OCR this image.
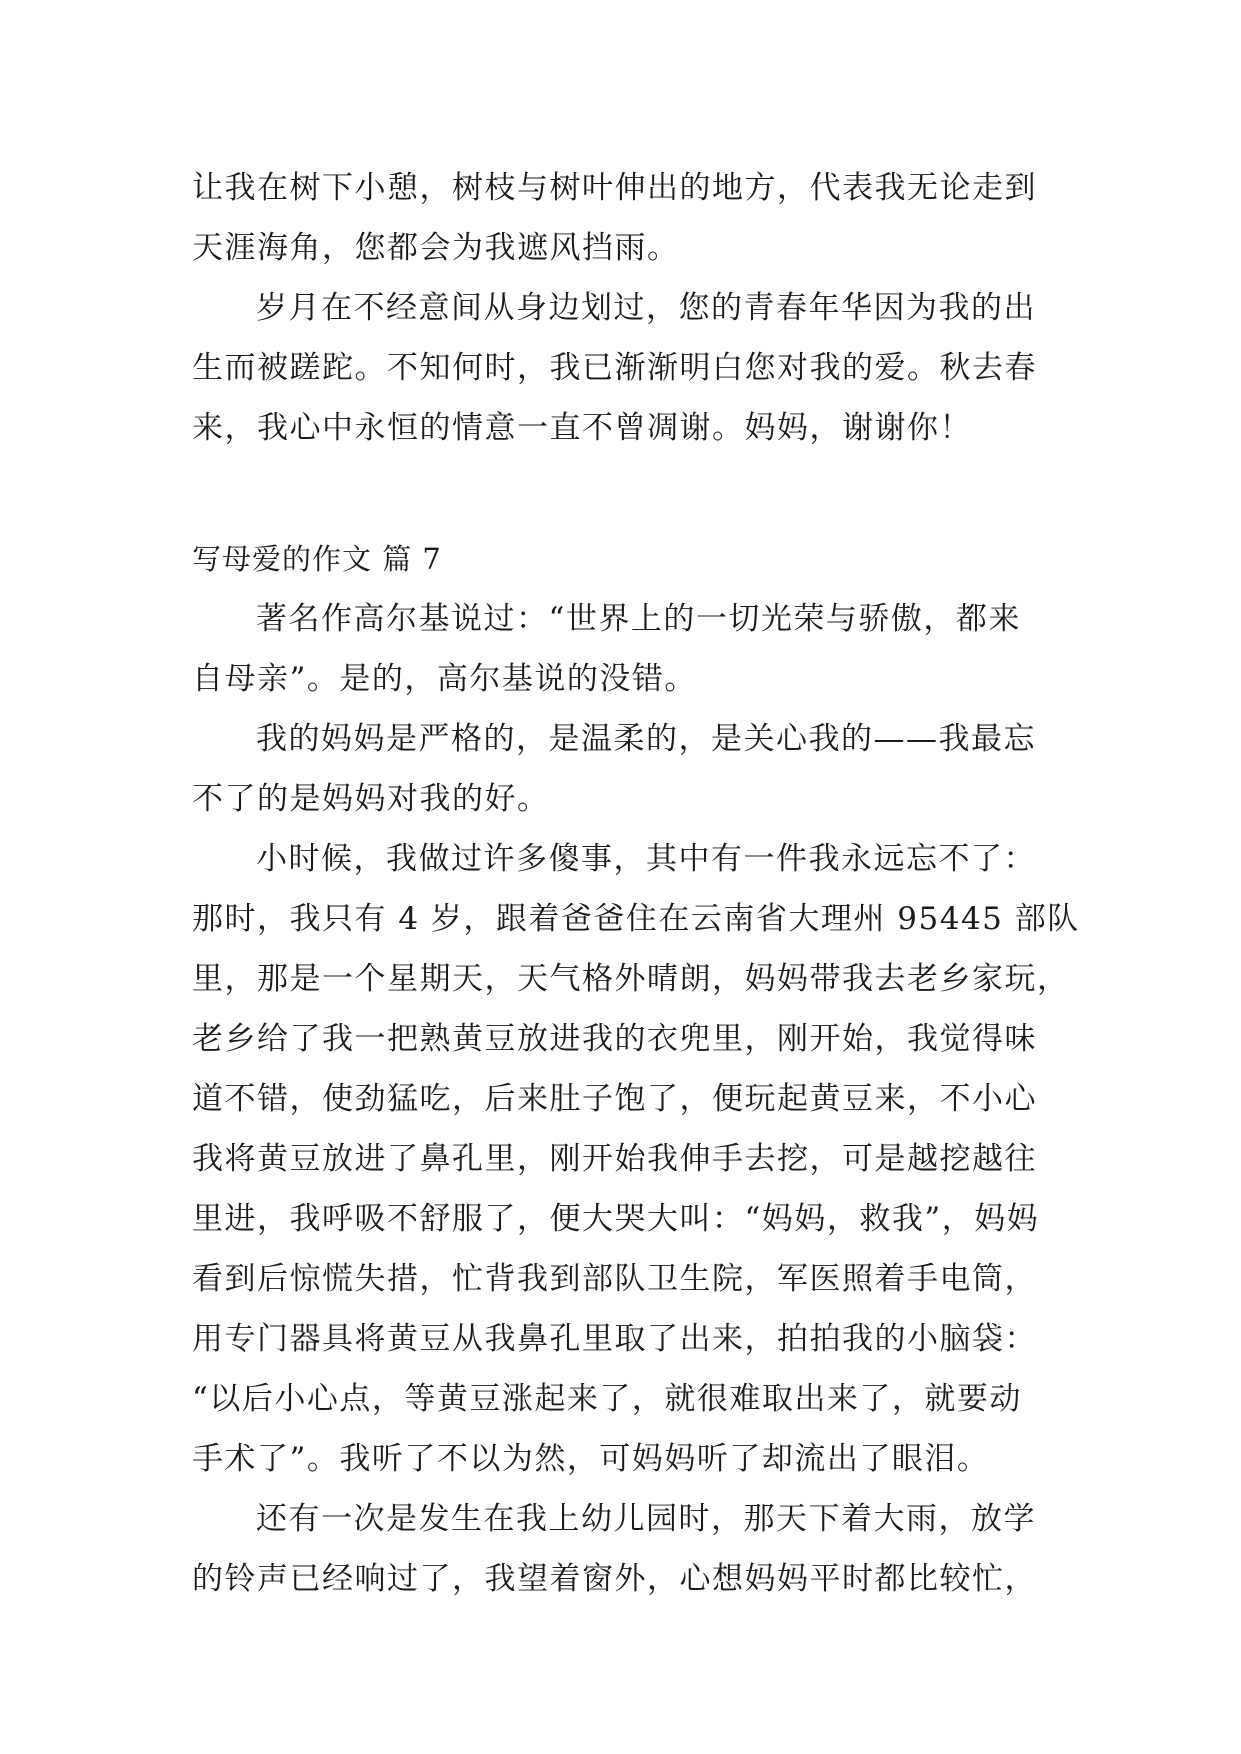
让我在树下小憩，树枝与树叶伸出的地方，代表我无论走到
天涯海角，您都会为我遮风挡雨。
岁月在不经意间从身边划过，您的青春年华因为我的出
生而被蹉跎。不知何时，我已渐渐明白您对我的爱。秋去春
来，我心中永恒的情意一直不曾凋谢。妈妈，谢谢你！
写母爱的作文 篇 7
著名作高尔基说过：“世界上的一切光荣与骄傲，都来
自母亲”。是的，高尔基说的没错。
我的妈妈是严格的，是温柔的，是关心我的——我最忘
不了的是妈妈对我的好。
小时候，我做过许多傻事，其中有一件我永远忘不了：
那时，我只有 4 岁，跟着爸爸住在云南省大理州 95445 部队
里，那是一个星期天，天气格外晴朗，妈妈带我去老乡家玩，
老乡给了我一把熟黄豆放进我的衣兜里，刚开始，我觉得味
道不错，使劲猛吃，后来肚子饱了，便玩起黄豆来，不小心
我将黄豆放进了鼻孔里，刚开始我伸手去挖，可是越挖越往
里进，我呼吸不舒服了，便大哭大叫：“妈妈，救我”，妈妈
看到后惊慌失措，忙背我到部队卫生院，军医照着手电筒，
用专门器具将黄豆从我鼻孔里取了出来，拍拍我的小脑袋：
“以后小心点，等黄豆涨起来了，就很难取出来了，就要动
手术了”。我听了不以为然，可妈妈听了却流出了眼泪。
还有一次是发生在我上幼儿园时，那天下着大雨，放学
的铃声已经响过了，我望着窗外，心想妈妈平时都比较忙，
